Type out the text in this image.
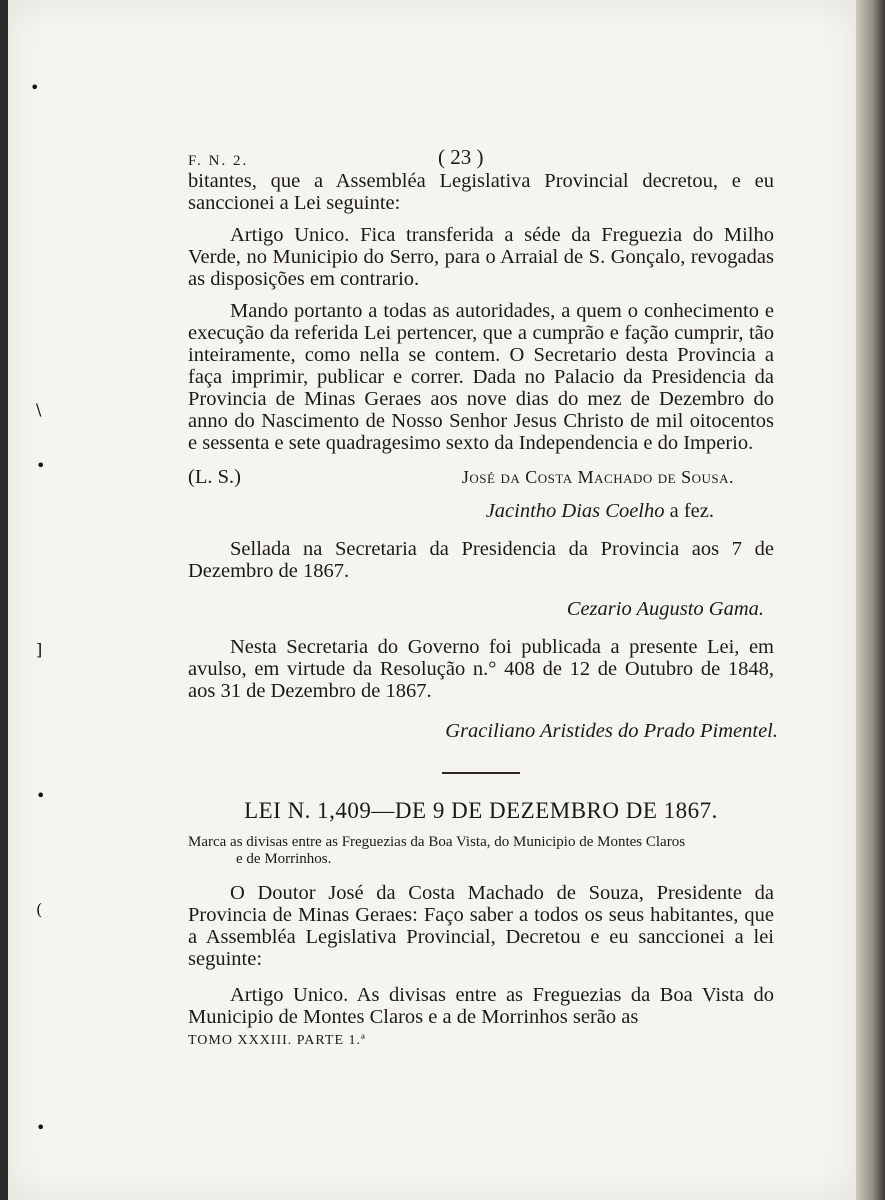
•
\
•
]
•
(
•
F. N. 2.	( 23 )

bitantes, que a Assembléa Legislativa Provincial decretou, e eu sanccionei a Lei seguinte:

Artigo Unico. Fica transferida a séde da Freguezia do Milho Verde, no Municipio do Serro, para o Arraial de S. Gonçalo, revogadas as disposições em contrario.

Mando portanto a todas as autoridades, a quem o conhecimento e execução da referida Lei pertencer, que a cumprão e fação cumprir, tão inteiramente, como nella se contem. O Secretario desta Provincia a faça imprimir, publicar e correr. Dada no Palacio da Presidencia da Provincia de Minas Geraes aos nove dias do mez de Dezembro do anno do Nascimento de Nosso Senhor Jesus Christo de mil oitocentos e sessenta e sete quadragesimo sexto da Independencia e do Imperio.

(L. S.)	José da Costa Machado de Sousa.
Jacintho Dias Coelho a fez.

Sellada na Secretaria da Presidencia da Provincia aos 7 de Dezembro de 1867.

Cezario Augusto Gama.

Nesta Secretaria do Governo foi publicada a presente Lei, em avulso, em virtude da Resolução n.° 408 de 12 de Outubro de 1848, aos 31 de Dezembro de 1867.

Graciliano Aristides do Prado Pimentel.
LEI N. 1,409—DE 9 DE DEZEMBRO DE 1867.
Marca as divisas entre as Freguezias da Boa Vista, do Municipio de Montes Claros
e de Morrinhos.

O Doutor José da Costa Machado de Souza, Presidente da Provincia de Minas Geraes: Faço saber a todos os seus habitantes, que a Assembléa Legislativa Provincial, Decretou e eu sanccionei a lei seguinte:

Artigo Unico. As divisas entre as Freguezias da Boa Vista do Municipio de Montes Claros e a de Morrinhos serão as

TOMO XXXIII. PARTE 1.ª
